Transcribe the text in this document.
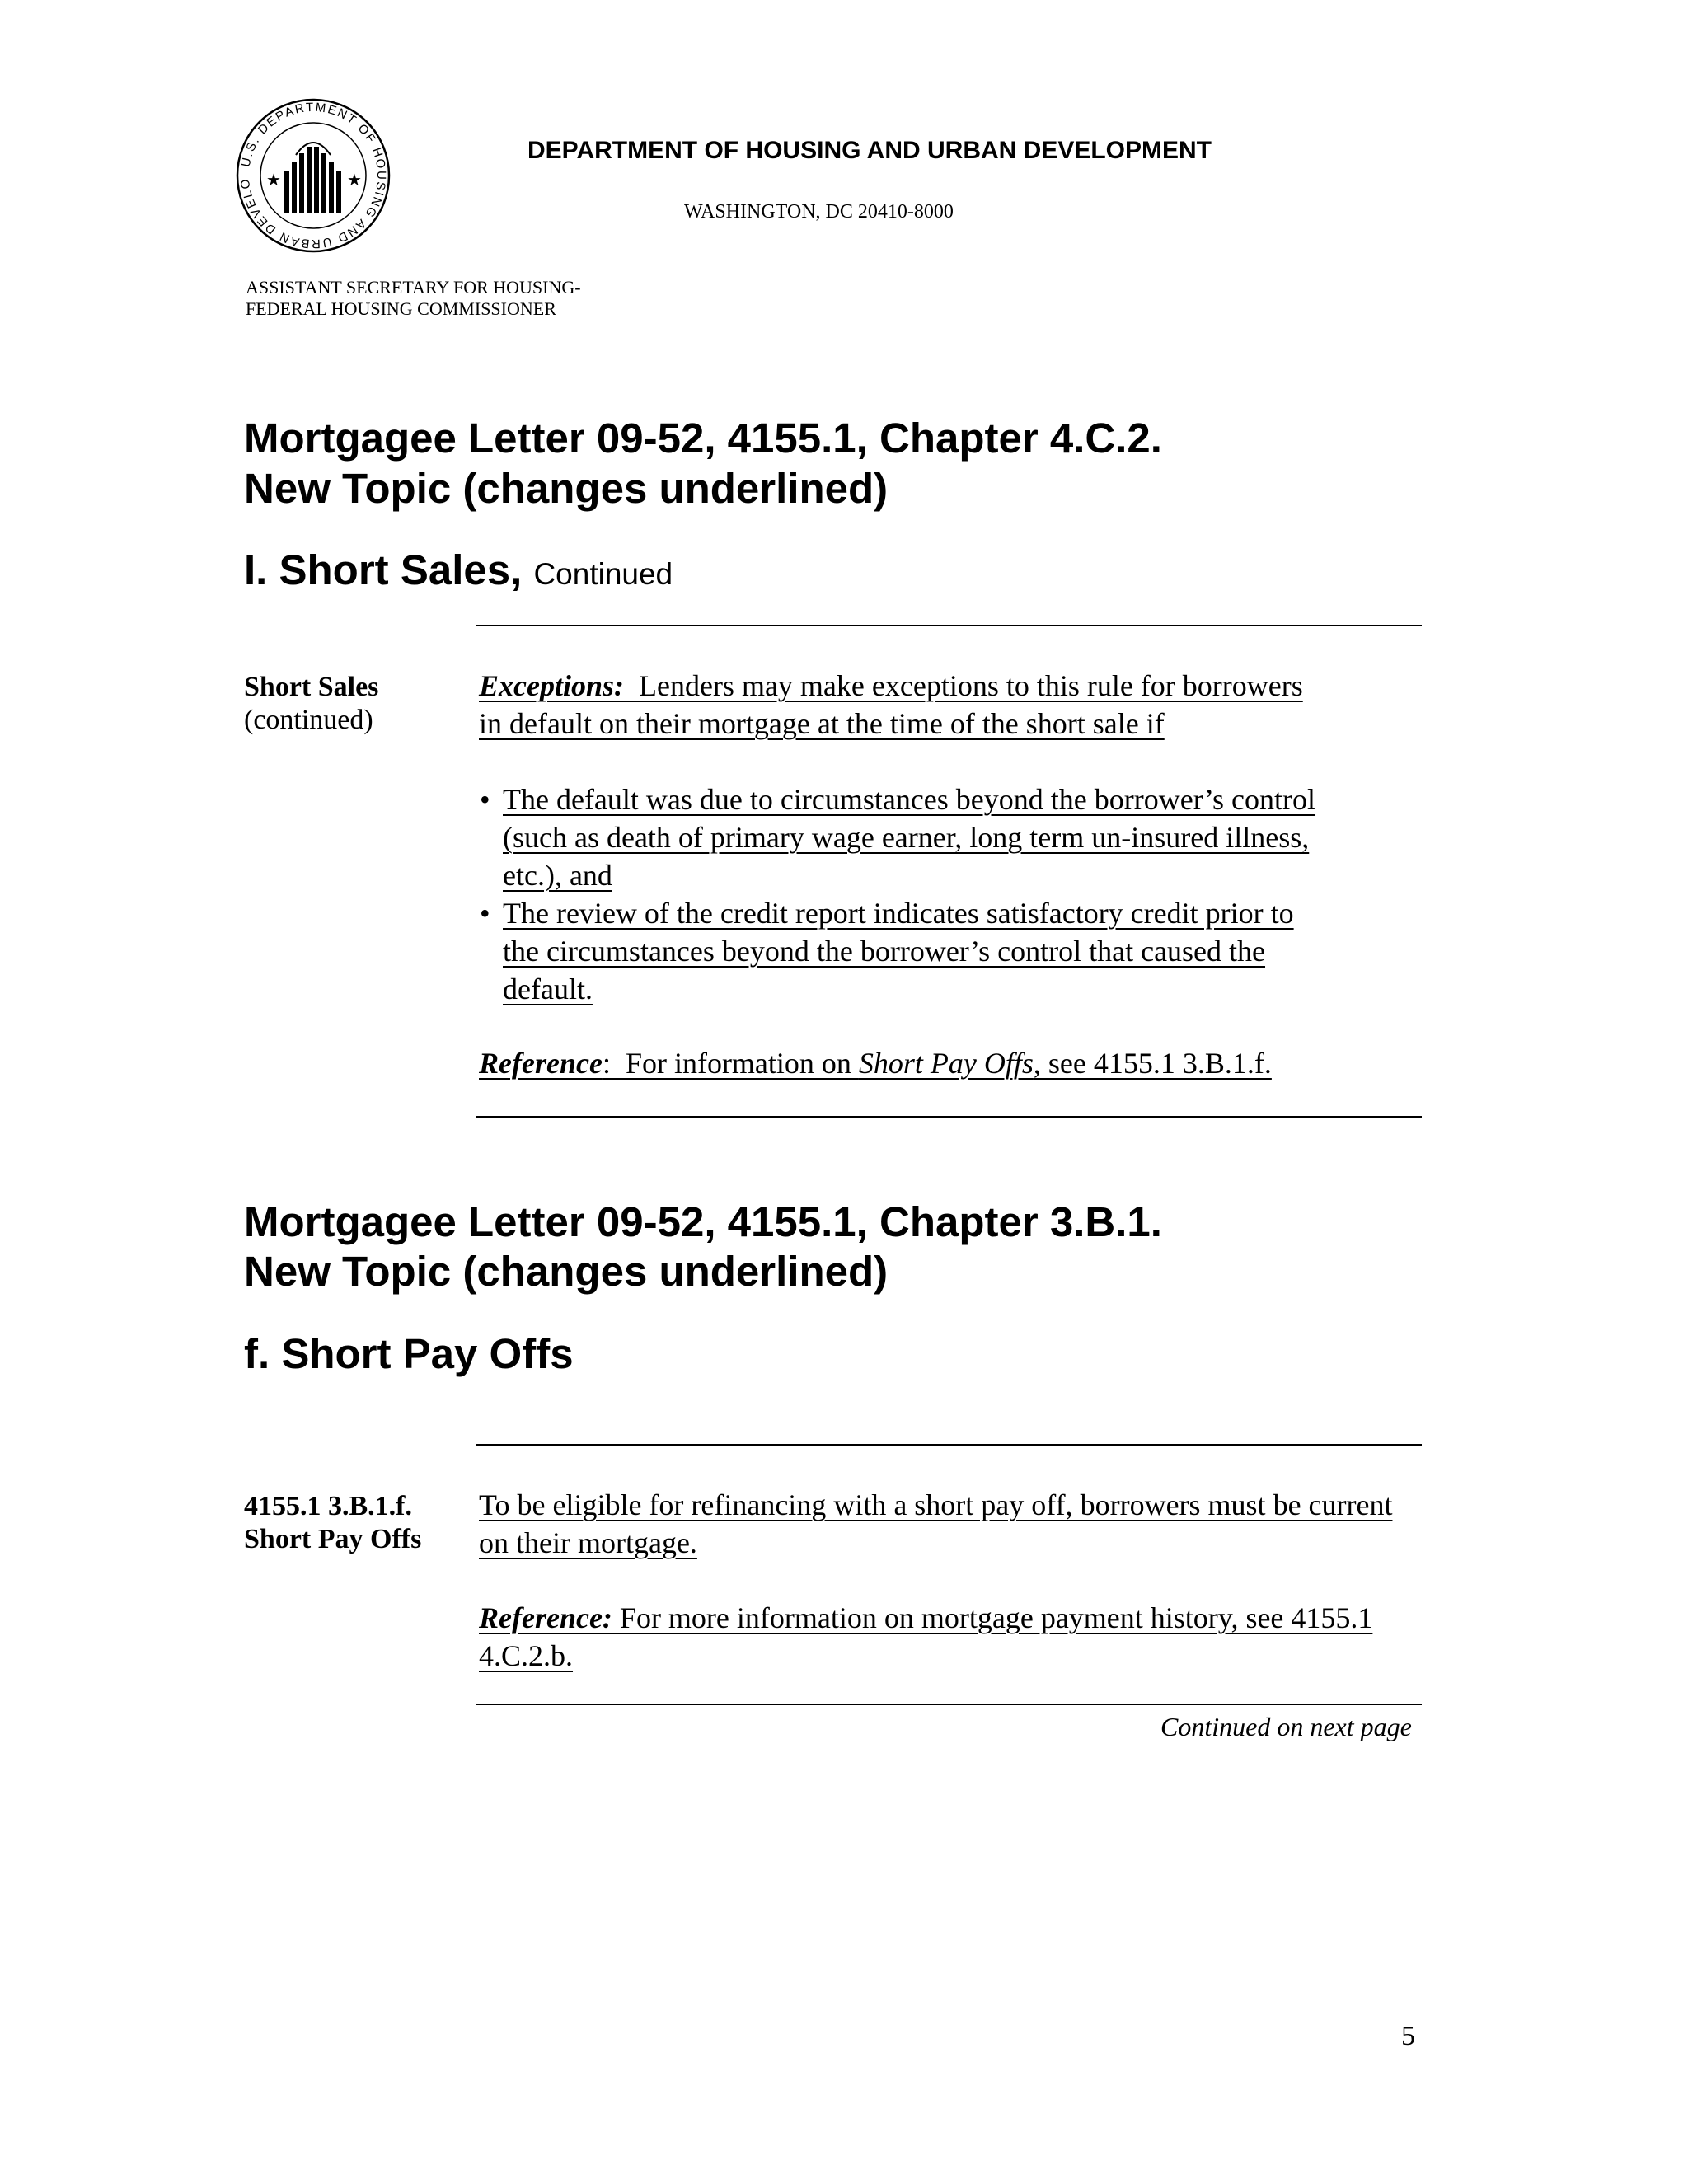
U.S. DEPARTMENT OF HOUSING AND URBAN DEVELO ★	★
DEPARTMENT OF HOUSING AND URBAN DEVELOPMENT
WASHINGTON, DC 20410-8000
ASSISTANT SECRETARY FOR HOUSING-
FEDERAL HOUSING COMMISSIONER
Mortgagee Letter 09-52, 4155.1, Chapter 4.C.2.
New Topic (changes underlined)
I. Short Sales, Continued
Short Sales
(continued)
Exceptions:  Lenders may make exceptions to this rule for borrowers
in default on their mortgage at the time of the short sale if
• The default was due to circumstances beyond the borrower’s control
(such as death of primary wage earner, long term un-insured illness,
etc.), and
• The review of the credit report indicates satisfactory credit prior to
the circumstances beyond the borrower’s control that caused the
default.
Reference:  For information on Short Pay Offs, see 4155.1 3.B.1.f.
Mortgagee Letter 09-52, 4155.1, Chapter 3.B.1.
New Topic (changes underlined)
f. Short Pay Offs
4155.1 3.B.1.f.
Short Pay Offs
To be eligible for refinancing with a short pay off, borrowers must be current
on their mortgage.
Reference: For more information on mortgage payment history, see 4155.1
4.C.2.b.
Continued on next page
5
